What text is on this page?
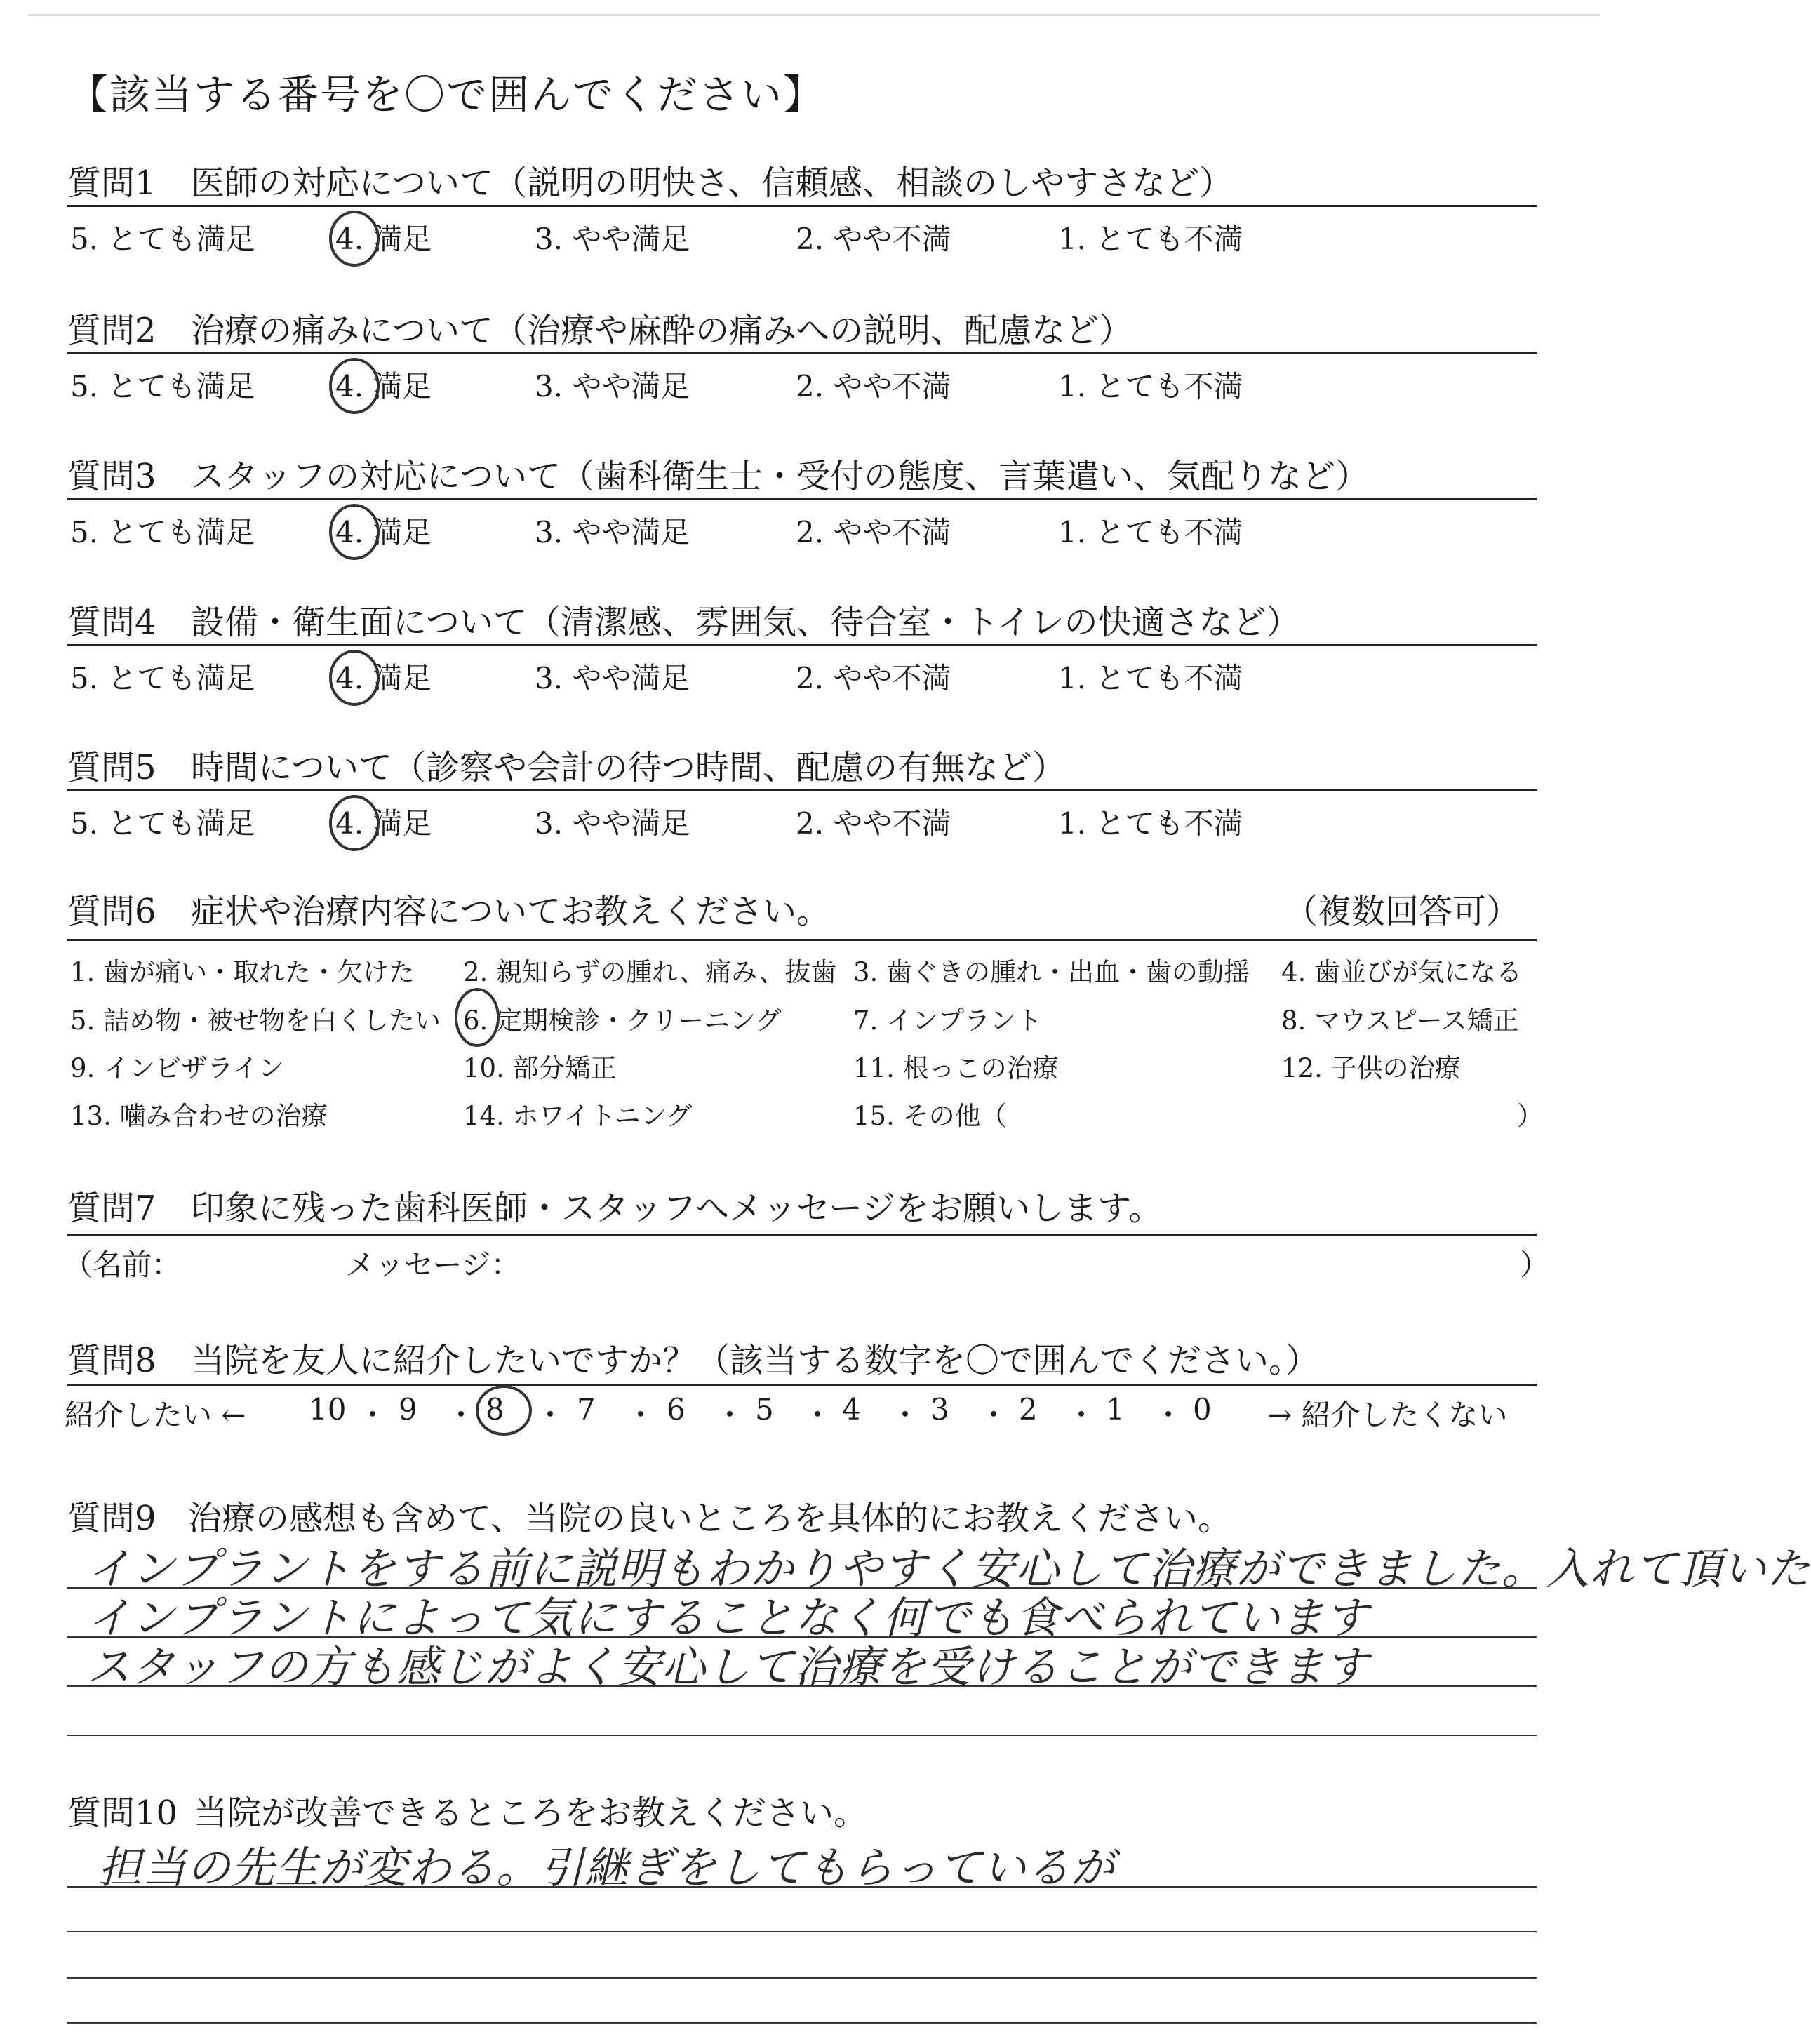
【該当する番号を〇で囲んでください】
質問1 医師の対応について（説明の明快さ、信頼感、相談のしやすさなど）
5. とても満足	4. 満足	3. やや満足	2. やや不満	1. とても不満
質問2 治療の痛みについて（治療や麻酔の痛みへの説明、配慮など）
5. とても満足	4. 満足	3. やや満足	2. やや不満	1. とても不満
質問3 スタッフの対応について（歯科衛生士・受付の態度、言葉遣い、気配りなど）
5. とても満足	4. 満足	3. やや満足	2. やや不満	1. とても不満
質問4 設備・衛生面について（清潔感、雰囲気、待合室・トイレの快適さなど）
5. とても満足	4. 満足	3. やや満足	2. やや不満	1. とても不満
質問5 時間について（診察や会計の待つ時間、配慮の有無など）
5. とても満足	4. 満足	3. やや満足	2. やや不満	1. とても不満
質問6 症状や治療内容についてお教えください。	（複数回答可）
1. 歯が痛い・取れた・欠けた 2. 親知らずの腫れ、痛み、抜歯 3. 歯ぐきの腫れ・出血・歯の動揺 4. 歯並びが気になる
5. 詰め物・被せ物を白くしたい 6. 定期検診・クリーニング	7. インプラント	8. マウスピース矯正
9. インビザライン	10. 部分矯正	11. 根っこの治療	12. 子供の治療
13. 噛み合わせの治療	14. ホワイトニング	15. その他（	）
質問7 印象に残った歯科医師・スタッフへメッセージをお願いします。
（名前：	メッセージ：	）
質問8 当院を友人に紹介したいですか？（該当する数字を〇で囲んでください。）
紹介したい ←	→ 紹介したくない
10 ・ 9 ・ 8 ・ 7 ・ 6 ・ 5 ・ 4 ・ 3 ・ 2 ・ 1 ・ 0
質問9 治療の感想も含めて、当院の良いところを具体的にお教えください。
インプラントをする前に説明もわかりやすく安心して治療ができました。入れて頂いた
インプラントによって気にすることなく何でも食べられています
スタッフの方も感じがよく安心して治療を受けることができます
質問10 当院が改善できるところをお教えください。
担当の先生が変わる。引継ぎをしてもらっているが
